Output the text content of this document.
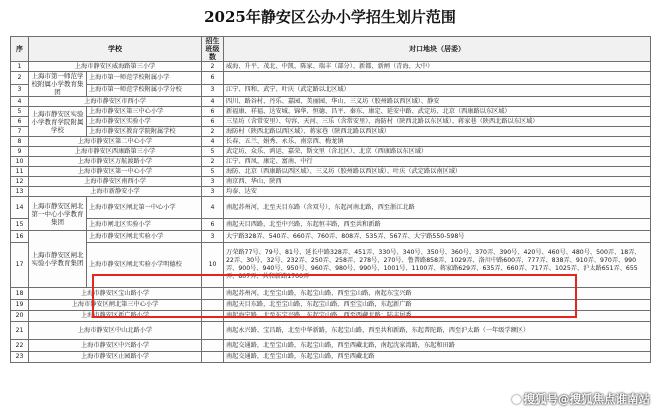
2025年静安区公办小学招生划片范围
序	学校		招生班级数	对口地块（居委）
1	上海市静安区威海路第三小学		2	威海、升平、茂北、中凯、陈家、瑞丰（部分）、新都、新闸（青海、大中）
2	上海市第一师范学校附属小学教育集团	上海市第一师范学校附属小学	6	
3		上海市第一师范学校附属小学分校	3	江宁、四和、武宁、叶庆（武定路以北区域）
4	上海市静安区市西小学		4	四川、路谷村、丹乐、嘉园、美丽园、华山、三义坊（胶州路以西区域）、静安
5	上海市静安区实验小学教育学院附属学校	上海市静安区第三中心小学	6	新福康、祥福、达安城、锦华、恒德、昌平、秦东、康定、延安中路、武定坊、北京（西康路以东区域）
6		上海市静安区实验小学	6	三星坊（含常安里）、句容、天河、三乐（含常安里）、海防村（陕西北路以东区域）、蒋家巷（陕西北路以东区域）
7		上海市静安区教育学院附属学校	2	海防村（陕西北路以西区域）、蒋家巷（陕西北路以西区域）
8	上海市静安区第二中心小学		4	长春、五兰、娟秀、永乐、南京西、梅龙镇
9	上海市静安区西康路第三小学		5	武定坊、众乐、鸿运、嘉荣、斯文里（含北区）、北京（西康路以东区域）
10	上海市静安区万航渡路小学		2	江宁、西凤、康定、富南、中行
11	上海市静安区第一中心小学		5	海防、北京（西康路以西区域）、三义坊（胶州路以西区域）、叶庆（武定路以南区域）
12	上海市静安区南西小学		3	南京西、华山、陕西
13	上海市新静安小学		3	均泰、达安
14	上海市静安区闸北第一中心小学教育集团	上海市静安区闸北第一中心小学	4	南起苏州河，北至天目东路（含双号），东起河南北路，西至浙江北路
15		上海市闸北区实验小学	6	南起天目西路，北至中兴路，东起恒丰路，西至共和新路
16	上海市静安区闸北实验小学教育集团	上海市静安区闸北实验小学	3	大宁路328弄、540弄、660弄、760弄、808弄、535弄、567弄、大宁路550-598号
17		上海市静安区闸北实验小学明德校	10	万荣路77号、79号、81号、延长中路328弄、451弄、330号、340号、350号、360号、370弄、390号、420号、460号、480号、500弄、18弄、22弄、30号、32号、232弄、250弄、258弄、278号、270号、鲁普路858弄、1029弄、洛川中路600弄、777弄、838弄、910弄、970弄、990弄、900号、940号、950号、960弄、980号、990号、1001号、1100弄、蒋家路629弄、635弄、660弄、717弄、1025弄、沪太路651弄、655弄、807弄、共和新路1700弄
18	上海市静安区宝山路小学			南起苏州河，北至宝山路，东起宝山路、西至宝山路，南起东宝兴路
19	上海市静安区闸北第三中心小学			南起天目东路，北至宝山路，东起宝山路、西至宝山路，东起新广路
20	上海市静安区新广路小学			南起海宁路，北至东宝兴路，东起宝山路，西至西藏北路：陆丰居委
21	上海市静安区中山北路小学			南起永兴路、宝昌路，北至中华新路，东起宝山路，西至共和新路，东起普陀路，西至沪太路（一年级学额区）
22	上海市静安区中兴路小学			南起交通路，北至宝山路，东起宝山路，西至西藏北路，南起沈家湾路，东起和田路
23	上海市静安区止园路小学			南起交通路，北至宝山路，东起宝山路，西至西藏北路
搜狐号@搜狐焦点谁南站
